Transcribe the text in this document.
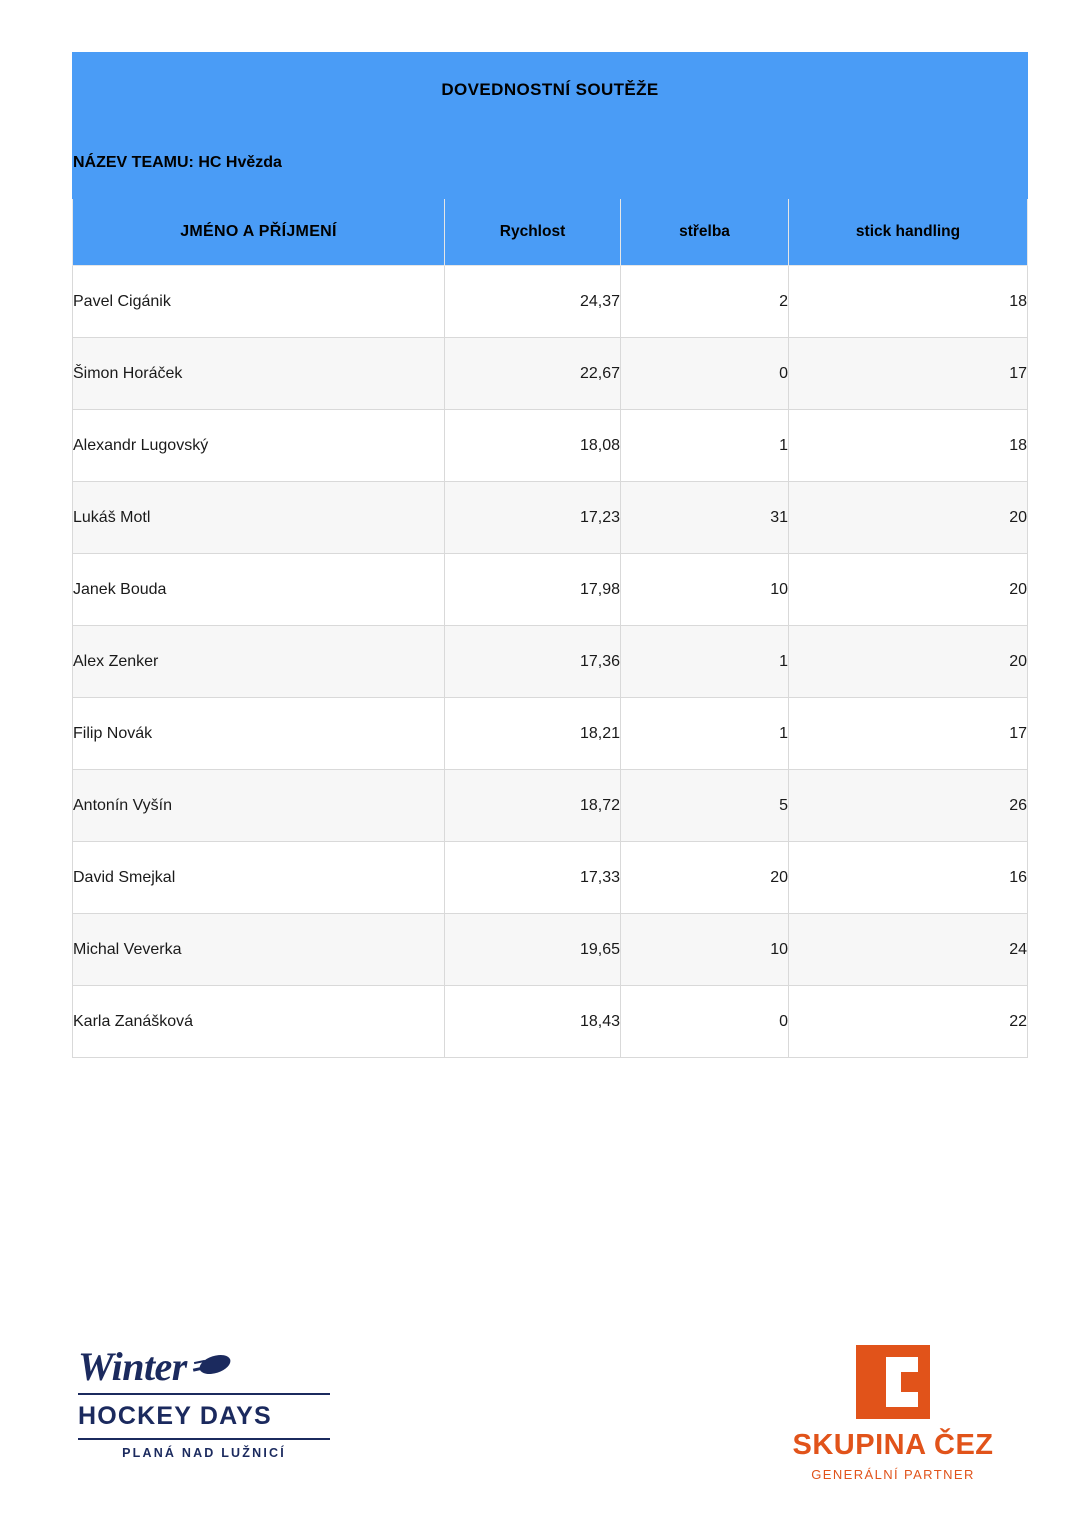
DOVEDNOSTNÍ SOUTĚŽE			
NÁZEV TEAMU: HC Hvězda			
JMÉNO A PŘÍJMENÍ	Rychlost	střelba	stick handling
Pavel Cigánik	24,37	2	18
Šimon Horáček	22,67	0	17
Alexandr Lugovský	18,08	1	18
Lukáš Motl	17,23	31	20
Janek Bouda	17,98	10	20
Alex Zenker	17,36	1	20
Filip Novák	18,21	1	17
Antonín Vyšín	18,72	5	26
David Smejkal	17,33	20	16
Michal Veverka	19,65	10	24
Karla Zanášková	18,43	0	22
Winter
HOCKEY DAYS
PLANÁ NAD LUŽNICÍ	SKUPINA ČEZ
GENERÁLNÍ PARTNER
